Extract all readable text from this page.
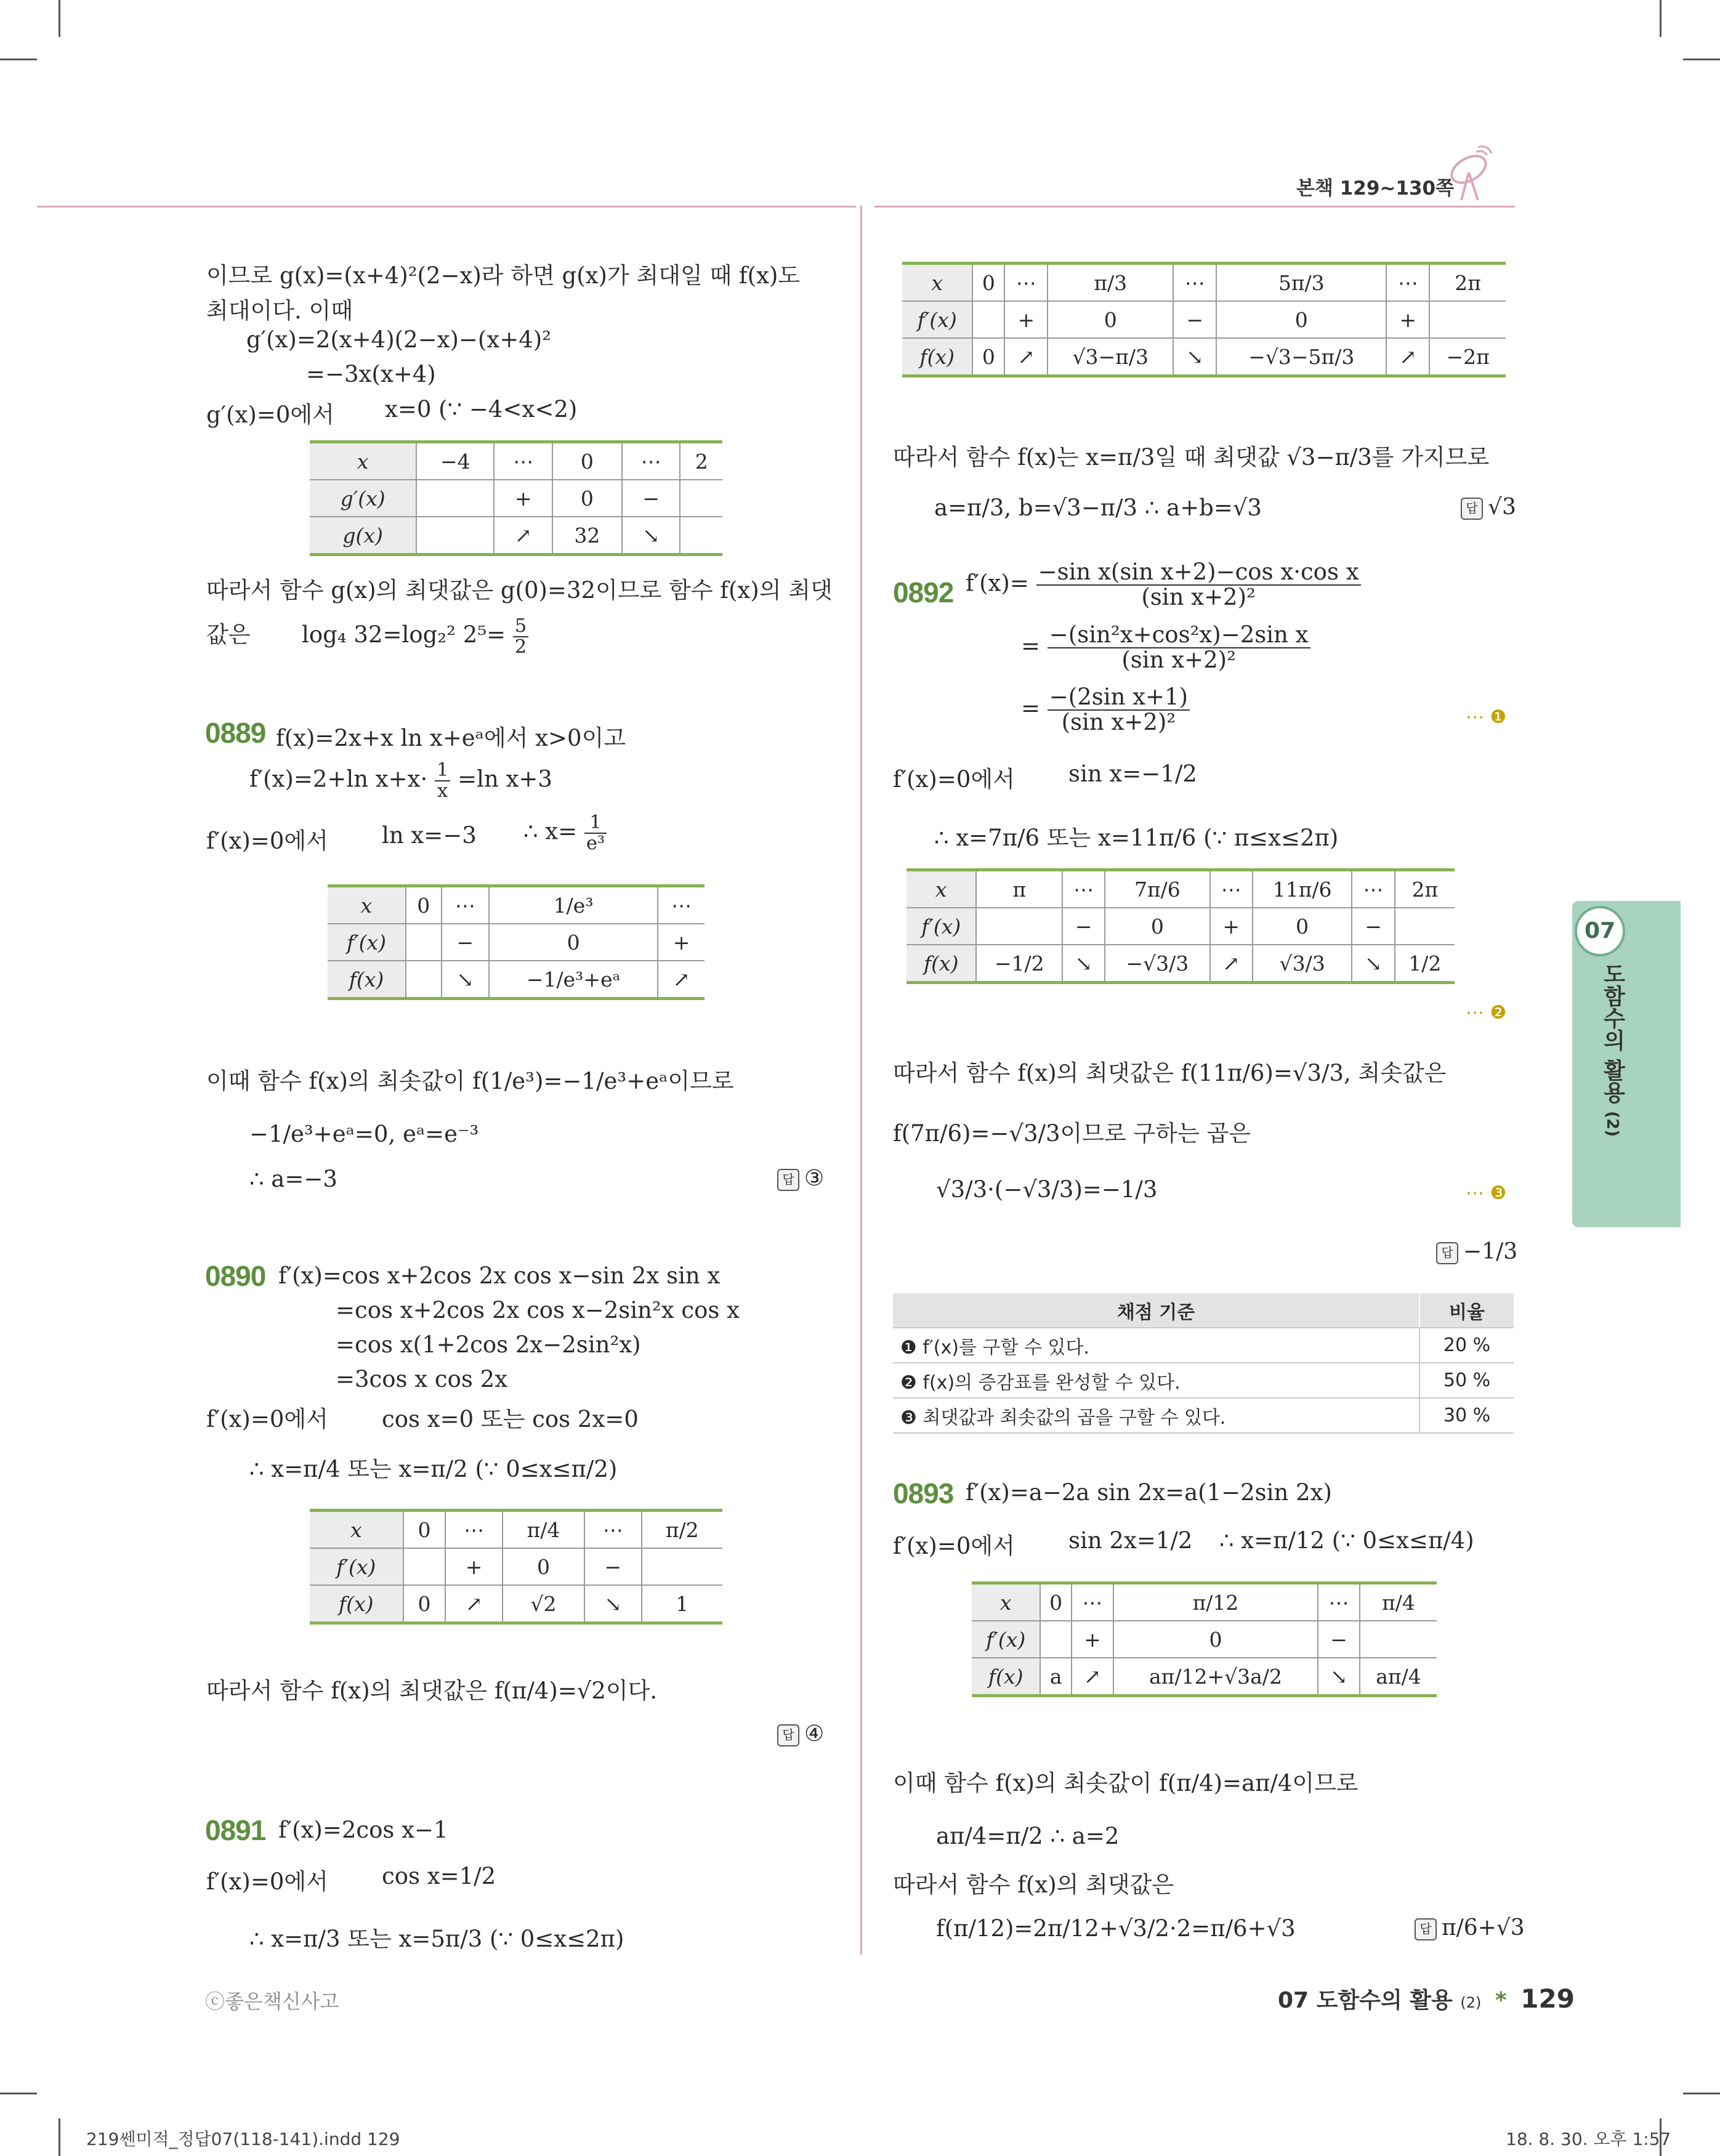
본책 129~130쪽
07
도함수의 활용 (2)
이므로 g(x)=(x+4)²(2−x)라 하면 g(x)가 최대일 때 f(x)도
최대이다. 이때
g′(x)=2(x+4)(2−x)−(x+4)²
=−3x(x+4)
g′(x)=0에서 x=0 (∵ −4<x<2)
x	−4	⋯	0	⋯	2
g′(x)		+	0	−	
g(x)		↗	32	↘	
따라서 함수 g(x)의 최댓값은 g(0)=32이므로 함수 f(x)의 최댓
값은 log₄ 32=log₂² $2^5= \frac{5}{2}$
0889 f(x)=2x+x ln x+eᵃ에서 x>0이고
f′(x)=2+ln $x+x\cdot \frac{1}{x} =\ln$ x+3
f′(x)=0에서 ln x=−3 ∴ $x= \frac{1}{\text{e³}}$
x	0	⋯	1/e³	⋯
f′(x)		−	0	+
f(x)		↘	−1/e³+eᵃ	↗
이때 함수 f(x)의 최솟값이 f(1/e³)=−1/e³+eᵃ이므로
−1/e³+eᵃ=0, eᵃ=e⁻³
∴ a=−3	답 ③
0890 f′(x)=cos x+2cos 2x cos x−sin 2x sin x
=cos x+2cos 2x cos x−2sin²x cos x
=cos x(1+2cos 2x−2sin²x)
=3cos x cos 2x
f′(x)=0에서 cos x=0 또는 cos 2x=0
∴ x=π/4 또는 x=π/2 (∵ 0≤x≤π/2)
x	0	⋯	π/4	⋯	π/2
f′(x)		+	0	−	
f(x)	0	↗	√2	↘	1
따라서 함수 f(x)의 최댓값은 f(π/4)=√2이다.
답 ④
0891 f′(x)=2cos x−1
f′(x)=0에서 cos x=1/2
∴ x=π/3 또는 x=5π/3 (∵ 0≤x≤2π)
x	0	⋯	π/3	⋯	5π/3	⋯	2π
f′(x)		+	0	−	0	+	
f(x)	0	↗	√3−π/3	↘	−√3−5π/3	↗	−2π
따라서 함수 f(x)는 x=π/3일 때 최댓값 √3−π/3를 가지므로
a=π/3, b=√3−π/3 ∴ a+b=√3	답 √3
0892 $f'(x)= \frac{\text{−sin x(sin x+2)−cos x·cos x}}{\text{(sin x+2)²}}$
= $\frac{\text{−(sin²x+cos²x)−2sin x}}{\text{(sin x+2)²}}$
= $\frac{\text{−(2sin x+1)}}{\text{(sin x+2)²}}$	⋯ ❶
f′(x)=0에서 sin x=−1/2
∴ x=7π/6 또는 x=11π/6 (∵ π≤x≤2π)
x	π	⋯	7π/6	⋯	11π/6	⋯	2π
f′(x)		−	0	+	0	−	
f(x)	−1/2	↘	−√3/3	↗	√3/3	↘	1/2
⋯ ❷
따라서 함수 f(x)의 최댓값은 f(11π/6)=√3/3, 최솟값은
f(7π/6)=−√3/3이므로 구하는 곱은
√3/3·(−√3/3)=−1/3	⋯ ❸
답 −1/3
채점 기준	비율
❶ f′(x)를 구할 수 있다.	20 %
❷ f(x)의 증감표를 완성할 수 있다.	50 %
❸ 최댓값과 최솟값의 곱을 구할 수 있다.	30 %
0893 f′(x)=a−2a sin 2x=a(1−2sin 2x)
f′(x)=0에서 sin 2x=1/2 ∴ x=π/12 (∵ 0≤x≤π/4)
x	0	⋯	π/12	⋯	π/4
f′(x)		+	0	−	
f(x)	a	↗	aπ/12+√3a/2	↘	aπ/4
이때 함수 f(x)의 최솟값이 f(π/4)=aπ/4이므로
aπ/4=π/2 ∴ a=2
따라서 함수 f(x)의 최댓값은
f(π/12)=2π/12+√3/2·2=π/6+√3	답 π/6+√3
ⓒ좋은책신사고	07 도함수의 활용 (2) * 129
219쎈미적_정답07(118-141).indd 129	18. 8. 30. 오후 1:57
